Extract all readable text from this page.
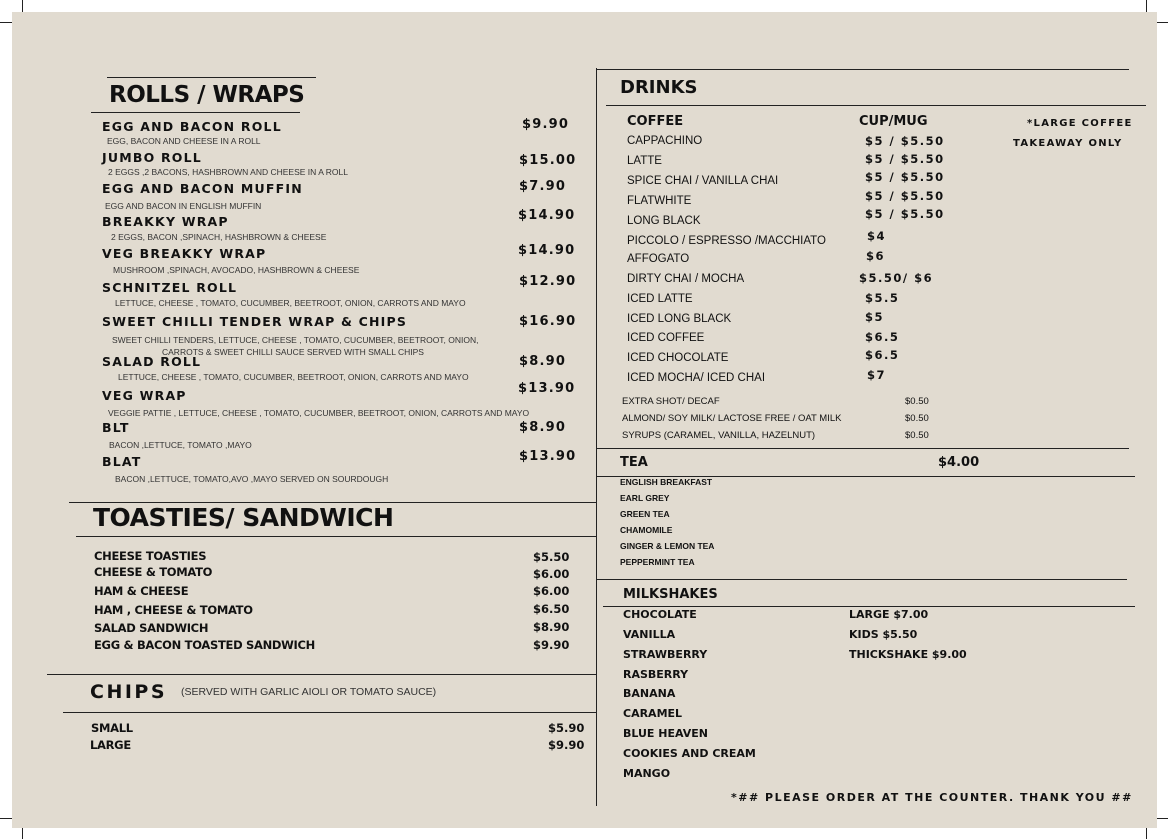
ROLLS / WRAPS
EGG AND BACON ROLL
EGG, BACON AND CHEESE IN A ROLL
$9.90
JUMBO ROLL
2 EGGS ,2 BACONS, HASHBROWN AND CHEESE IN A ROLL
$15.00
EGG AND BACON MUFFIN
EGG AND BACON IN ENGLISH MUFFIN
$7.90
BREAKKY WRAP
2 EGGS, BACON ,SPINACH, HASHBROWN & CHEESE
$14.90
VEG BREAKKY WRAP
MUSHROOM ,SPINACH, AVOCADO, HASHBROWN & CHEESE
$14.90
SCHNITZEL ROLL
LETTUCE, CHEESE , TOMATO, CUCUMBER, BEETROOT, ONION, CARROTS AND MAYO
$12.90
SWEET CHILLI TENDER WRAP & CHIPS
SWEET CHILLI TENDERS, LETTUCE, CHEESE , TOMATO, CUCUMBER, BEETROOT, ONION,
CARROTS & SWEET CHILLI SAUCE SERVED WITH SMALL CHIPS
$16.90
SALAD ROLL
LETTUCE, CHEESE , TOMATO, CUCUMBER, BEETROOT, ONION, CARROTS AND MAYO
$8.90
VEG WRAP
VEGGIE PATTIE , LETTUCE, CHEESE , TOMATO, CUCUMBER, BEETROOT, ONION, CARROTS AND MAYO
$13.90
BLT
BACON ,LETTUCE, TOMATO ,MAYO
$8.90
BLAT
BACON ,LETTUCE, TOMATO,AVO ,MAYO SERVED ON SOURDOUGH
$13.90
TOASTIES/ SANDWICH
CHEESE TOASTIES	$5.50
CHEESE & TOMATO	$6.00
HAM & CHEESE	$6.00
HAM , CHEESE & TOMATO	$6.50
SALAD SANDWICH	$8.90
EGG & BACON TOASTED SANDWICH	$9.90
CHIPS (SERVED WITH GARLIC AIOLI OR TOMATO SAUCE)
SMALL	$5.90
LARGE	$9.90
DRINKS
COFFEE	CUP/MUG	*LARGE COFFEE
TAKEAWAY ONLY
CAPPACHINO	$5 / $5.50
LATTE	$5 / $5.50
SPICE CHAI / VANILLA CHAI	$5 / $5.50
FLATWHITE	$5 / $5.50
LONG BLACK	$5 / $5.50
PICCOLO / ESPRESSO /MACCHIATO	$4
AFFOGATO	$6
DIRTY CHAI / MOCHA	$5.50/ $6
ICED LATTE	$5.5
ICED LONG BLACK	$5
ICED COFFEE	$6.5
ICED CHOCOLATE	$6.5
ICED MOCHA/ ICED CHAI	$7
EXTRA SHOT/ DECAF	$0.50
ALMOND/ SOY MILK/ LACTOSE FREE / OAT MILK	$0.50
SYRUPS (CARAMEL, VANILLA, HAZELNUT)	$0.50
TEA	$4.00
ENGLISH BREAKFAST
EARL GREY
GREEN TEA
CHAMOMILE
GINGER & LEMON TEA
PEPPERMINT TEA
MILKSHAKES
CHOCOLATE
VANILLA
STRAWBERRY
RASBERRY
BANANA
CARAMEL
BLUE HEAVEN
COOKIES AND CREAM
MANGO
LARGE $7.00
KIDS $5.50
THICKSHAKE $9.00
*## PLEASE ORDER AT THE COUNTER. THANK YOU ##
